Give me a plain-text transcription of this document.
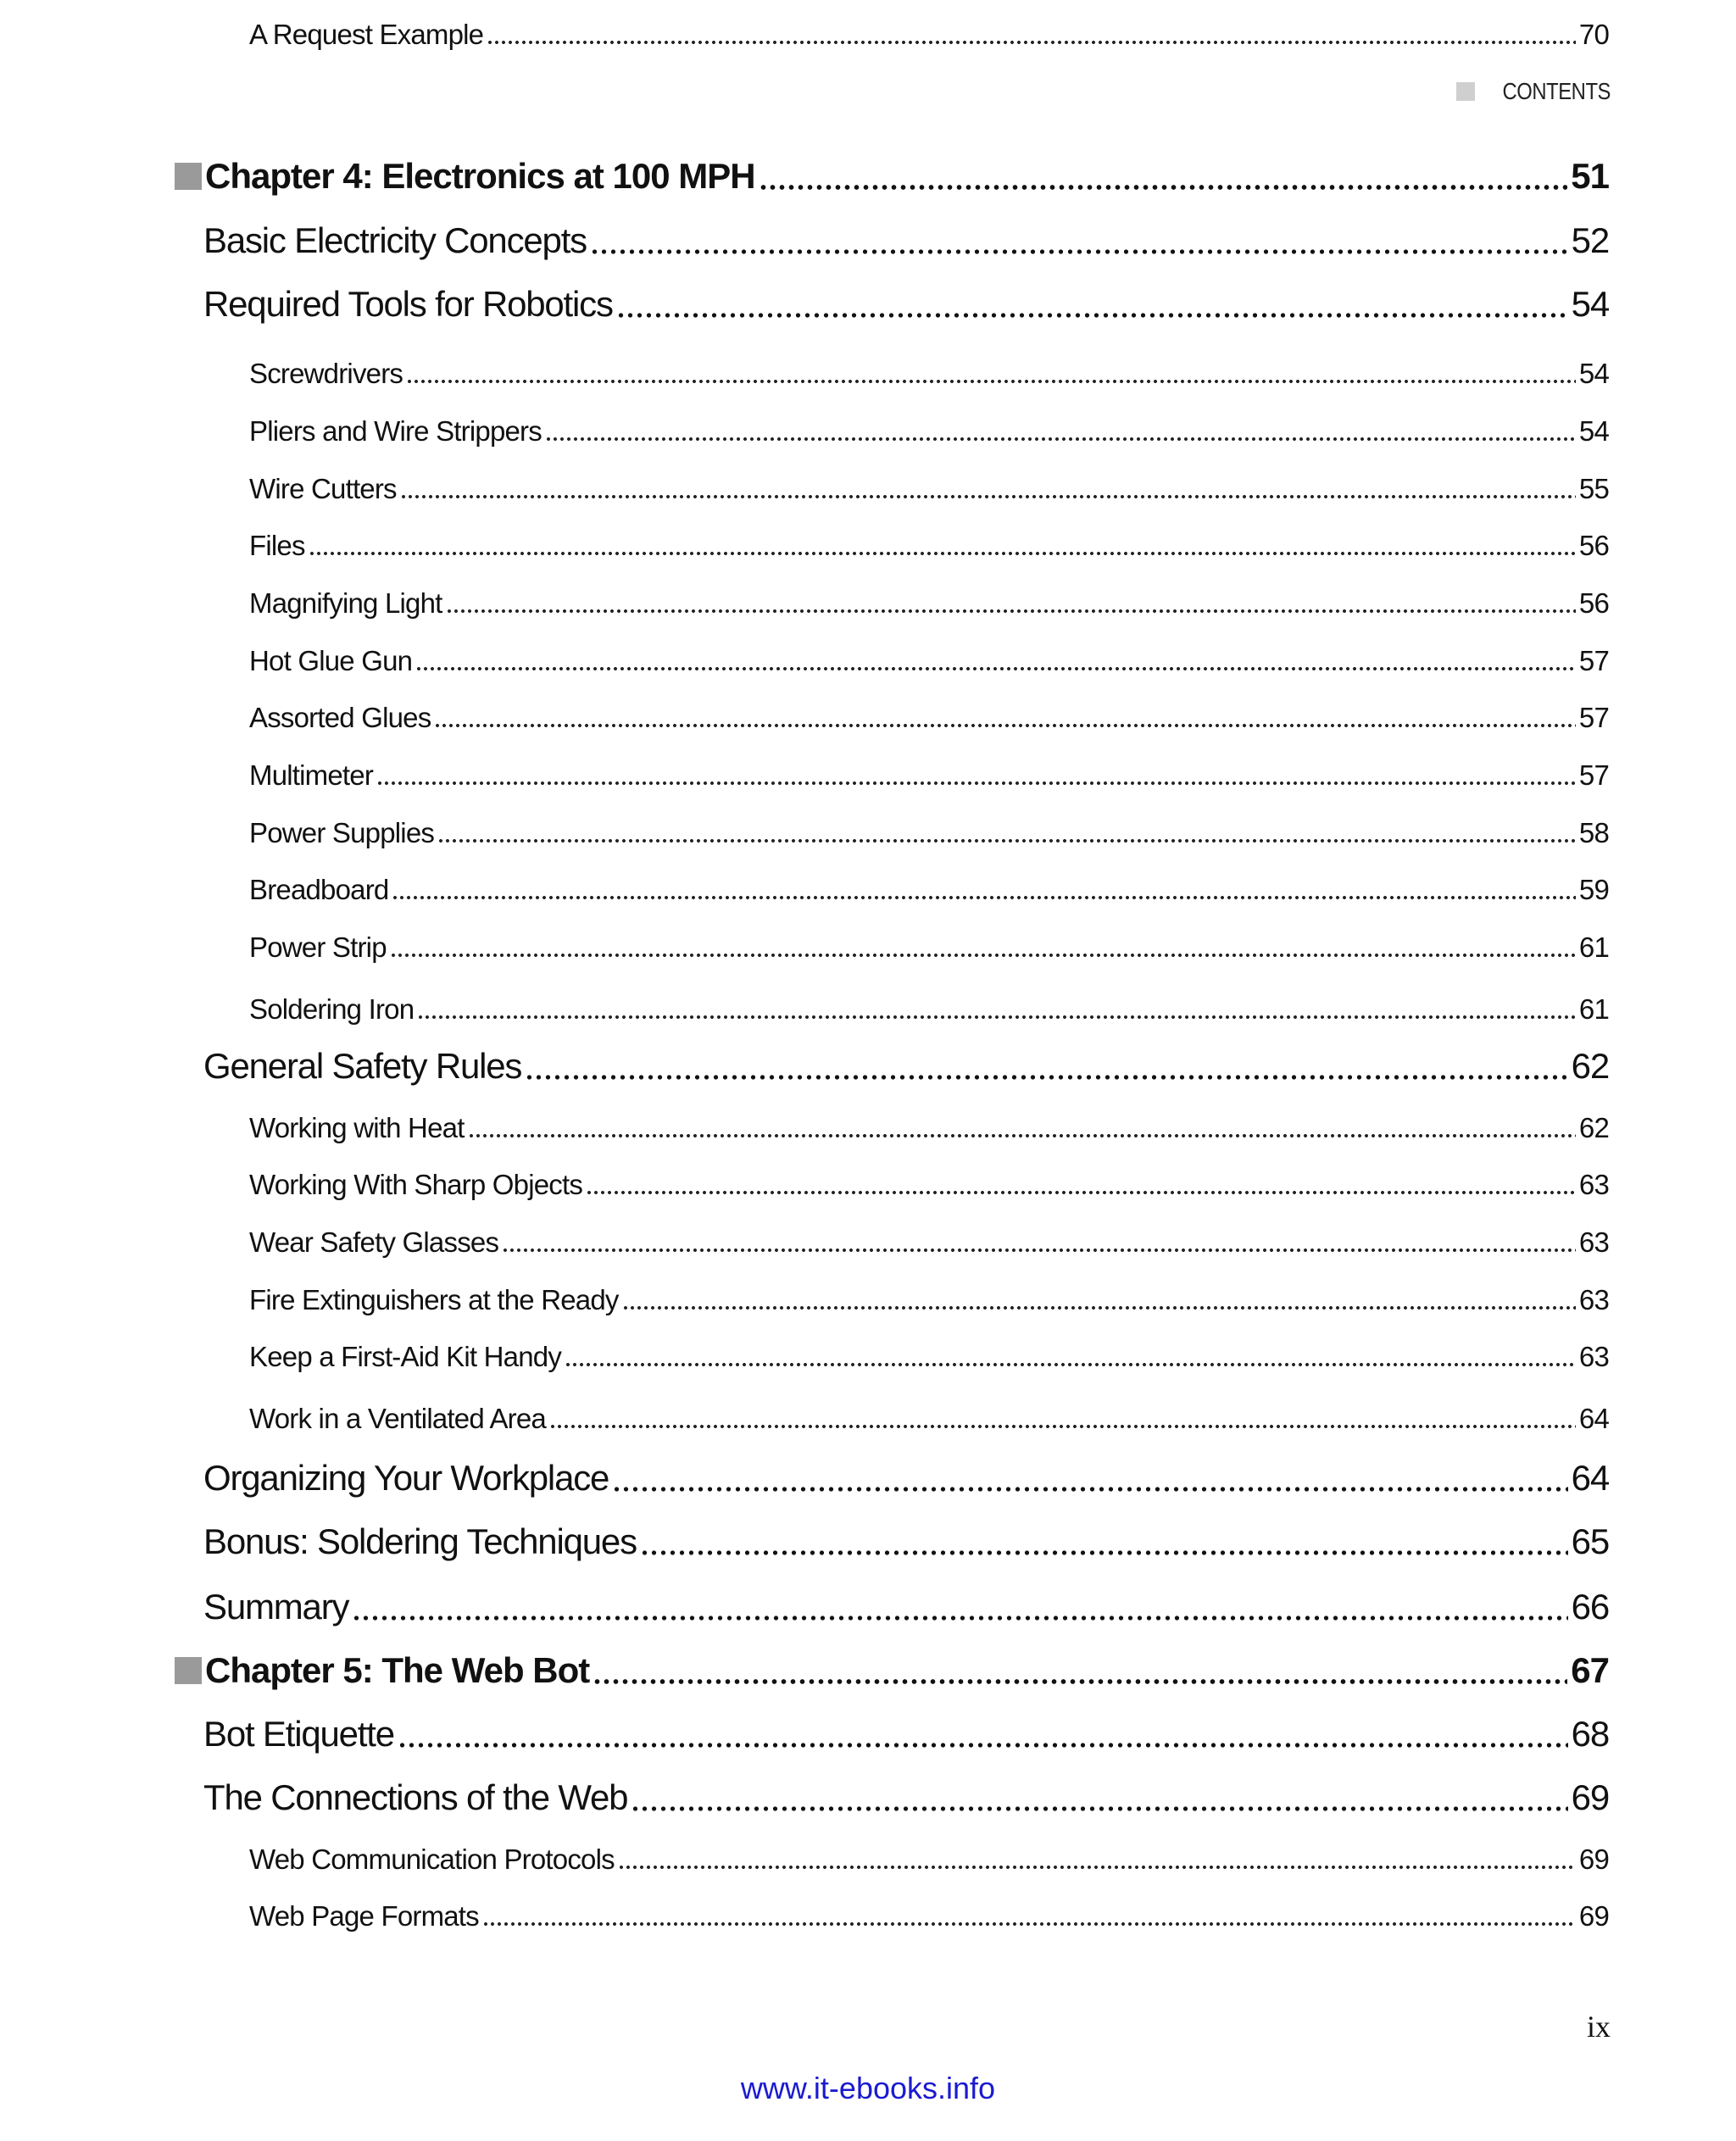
CONTENTS
Chapter 4: Electronics at 100 MPH	51
Basic Electricity Concepts	52
Required Tools for Robotics	54
Screwdrivers	54
Pliers and Wire Strippers	54
Wire Cutters	55
Files	56
Magnifying Light	56
Hot Glue Gun	57
Assorted Glues	57
Multimeter	57
Power Supplies	58
Breadboard	59
Power Strip	61
Soldering Iron	61
General Safety Rules	62
Working with Heat	62
Working With Sharp Objects	63
Wear Safety Glasses	63
Fire Extinguishers at the Ready	63
Keep a First-Aid Kit Handy	63
Work in a Ventilated Area	64
Organizing Your Workplace	64
Bonus: Soldering Techniques	65
Summary	66
Chapter 5: The Web Bot	67
Bot Etiquette	68
The Connections of the Web	69
Web Communication Protocols	69
Web Page Formats	69
A Request Example	70
ix
www.it-ebooks.info
